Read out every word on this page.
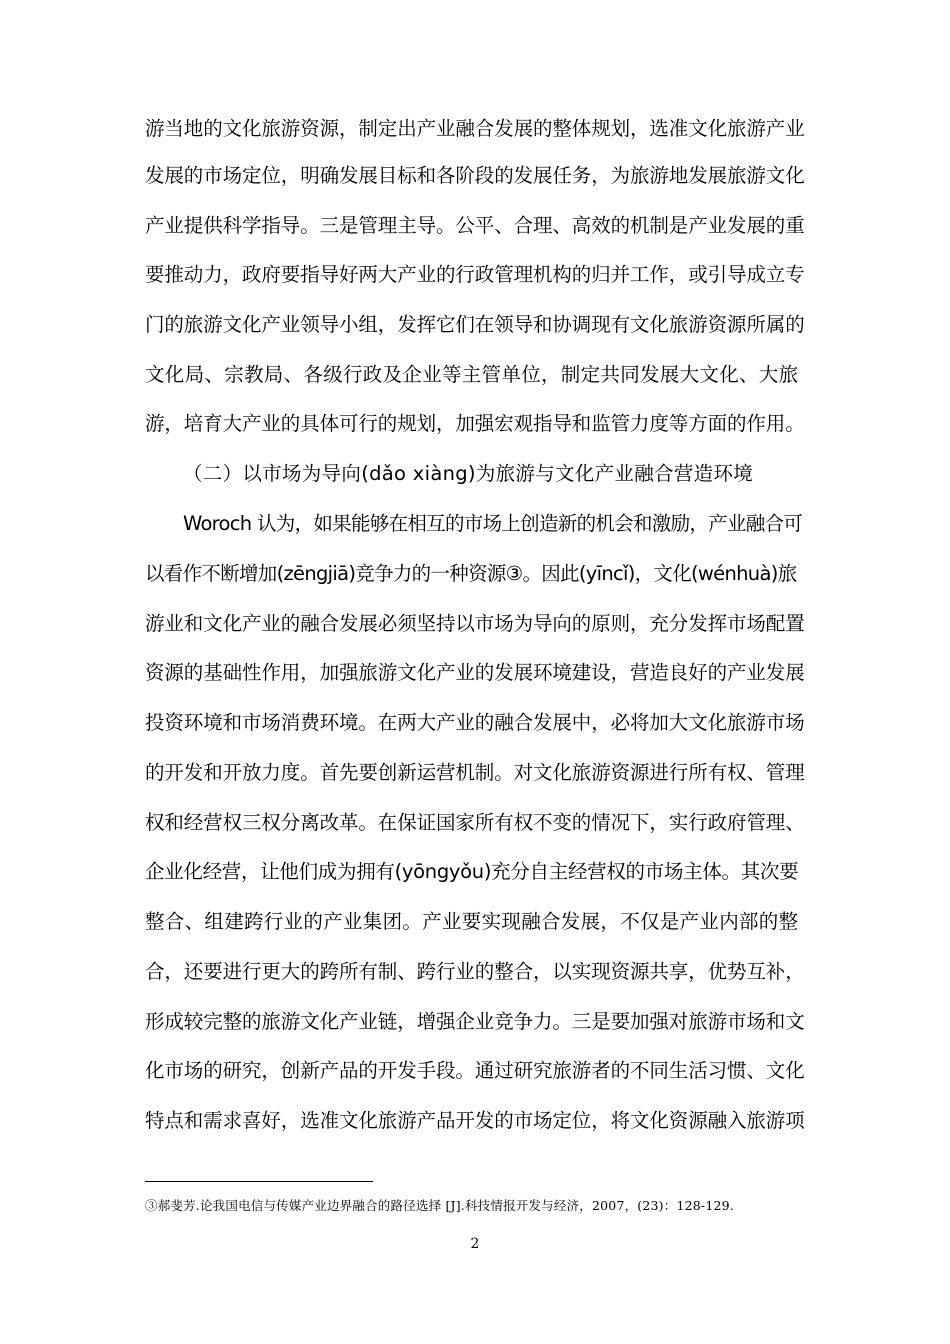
游当地的文化旅游资源，制定出产业融合发展的整体规划，选准文化旅游产业
发展的市场定位，明确发展目标和各阶段的发展任务，为旅游地发展旅游文化
产业提供科学指导。三是管理主导。公平、合理、高效的机制是产业发展的重
要推动力，政府要指导好两大产业的行政管理机构的归并工作，或引导成立专
门的旅游文化产业领导小组，发挥它们在领导和协调现有文化旅游资源所属的
文化局、宗教局、各级行政及企业等主管单位，制定共同发展大文化、大旅
游，培育大产业的具体可行的规划，加强宏观指导和监管力度等方面的作用。
（二）以市场为导向(dǎo xiàng)为旅游与文化产业融合营造环境
Woroch 认为，如果能够在相互的市场上创造新的机会和激励，产业融合可
以看作不断增加(zēngjiā)竞争力的一种资源③。因此(yīncǐ)，文化(wénhuà)旅
游业和文化产业的融合发展必须坚持以市场为导向的原则，充分发挥市场配置
资源的基础性作用，加强旅游文化产业的发展环境建设，营造良好的产业发展
投资环境和市场消费环境。在两大产业的融合发展中，必将加大文化旅游市场
的开发和开放力度。首先要创新运营机制。对文化旅游资源进行所有权、管理
权和经营权三权分离改革。在保证国家所有权不变的情况下，实行政府管理、
企业化经营，让他们成为拥有(yōngyǒu)充分自主经营权的市场主体。其次要
整合、组建跨行业的产业集团。产业要实现融合发展，不仅是产业内部的整
合，还要进行更大的跨所有制、跨行业的整合，以实现资源共享，优势互补，
形成较完整的旅游文化产业链，增强企业竞争力。三是要加强对旅游市场和文
化市场的研究，创新产品的开发手段。通过研究旅游者的不同生活习惯、文化
特点和需求喜好，选准文化旅游产品开发的市场定位，将文化资源融入旅游项
③郝斐芳.论我国电信与传媒产业边界融合的路径选择 [J].科技情报开发与经济，2007，(23)：128-129.
2
